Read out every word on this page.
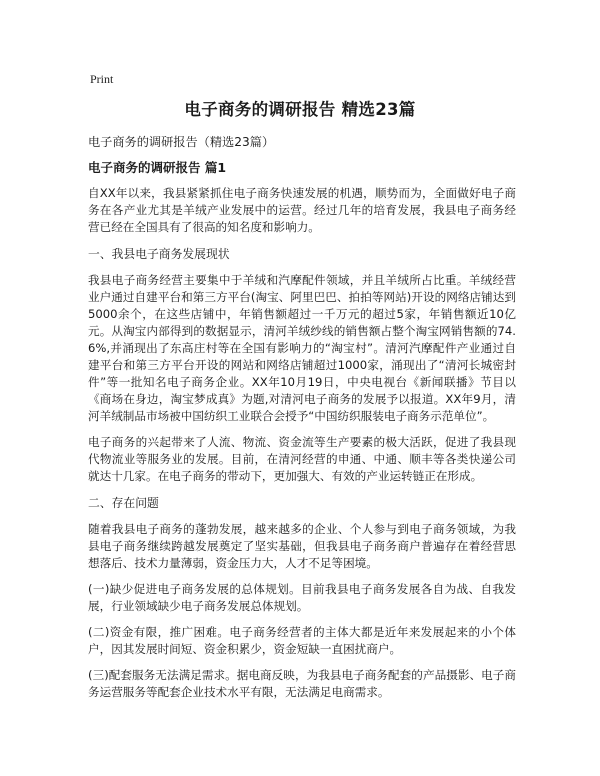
Print
电子商务的调研报告 精选23篇

电子商务的调研报告（精选23篇）

电子商务的调研报告 篇1

自XX年以来，我县紧紧抓住电子商务快速发展的机遇，顺势而为，全面做好电子商务在各产业尤其是羊绒产业发展中的运营。经过几年的培育发展，我县电子商务经营已经在全国具有了很高的知名度和影响力。

一、我县电子商务发展现状

我县电子商务经营主要集中于羊绒和汽摩配件领域，并且羊绒所占比重。羊绒经营业户通过自建平台和第三方平台(淘宝、阿里巴巴、拍拍等网站)开设的网络店铺达到5000余个，在这些店铺中，年销售额超过一千万元的超过5家，年销售额近10亿元。从淘宝内部得到的数据显示，清河羊绒纱线的销售额占整个淘宝网销售额的74.6%,并涌现出了东高庄村等在全国有影响力的“淘宝村”。清河汽摩配件产业通过自建平台和第三方平台开设的网站和网络店铺超过1000家，涌现出了“清河长城密封件”等一批知名电子商务企业。XX年10月19日，中央电视台《新闻联播》节目以《商场在身边，淘宝梦成真》为题,对清河电子商务的发展予以报道。XX年9月，清河羊绒制品市场被中国纺织工业联合会授予“中国纺织服装电子商务示范单位”。

电子商务的兴起带来了人流、物流、资金流等生产要素的极大活跃，促进了我县现代物流业等服务业的发展。目前，在清河经营的申通、中通、顺丰等各类快递公司就达十几家。在电子商务的带动下，更加强大、有效的产业运转链正在形成。

二、存在问题

随着我县电子商务的蓬勃发展，越来越多的企业、个人参与到电子商务领域，为我县电子商务继续跨越发展奠定了坚实基础，但我县电子商务商户普遍存在着经营思想落后、技术力量薄弱，资金压力大，人才不足等困境。

(一)缺少促进电子商务发展的总体规划。目前我县电子商务发展各自为战、自我发展，行业领域缺少电子商务发展总体规划。

(二)资金有限，推广困难。电子商务经营者的主体大都是近年来发展起来的小个体户，因其发展时间短、资金积累少，资金短缺一直困扰商户。

(三)配套服务无法满足需求。据电商反映，为我县电子商务配套的产品摄影、电子商务运营服务等配套企业技术水平有限，无法满足电商需求。
